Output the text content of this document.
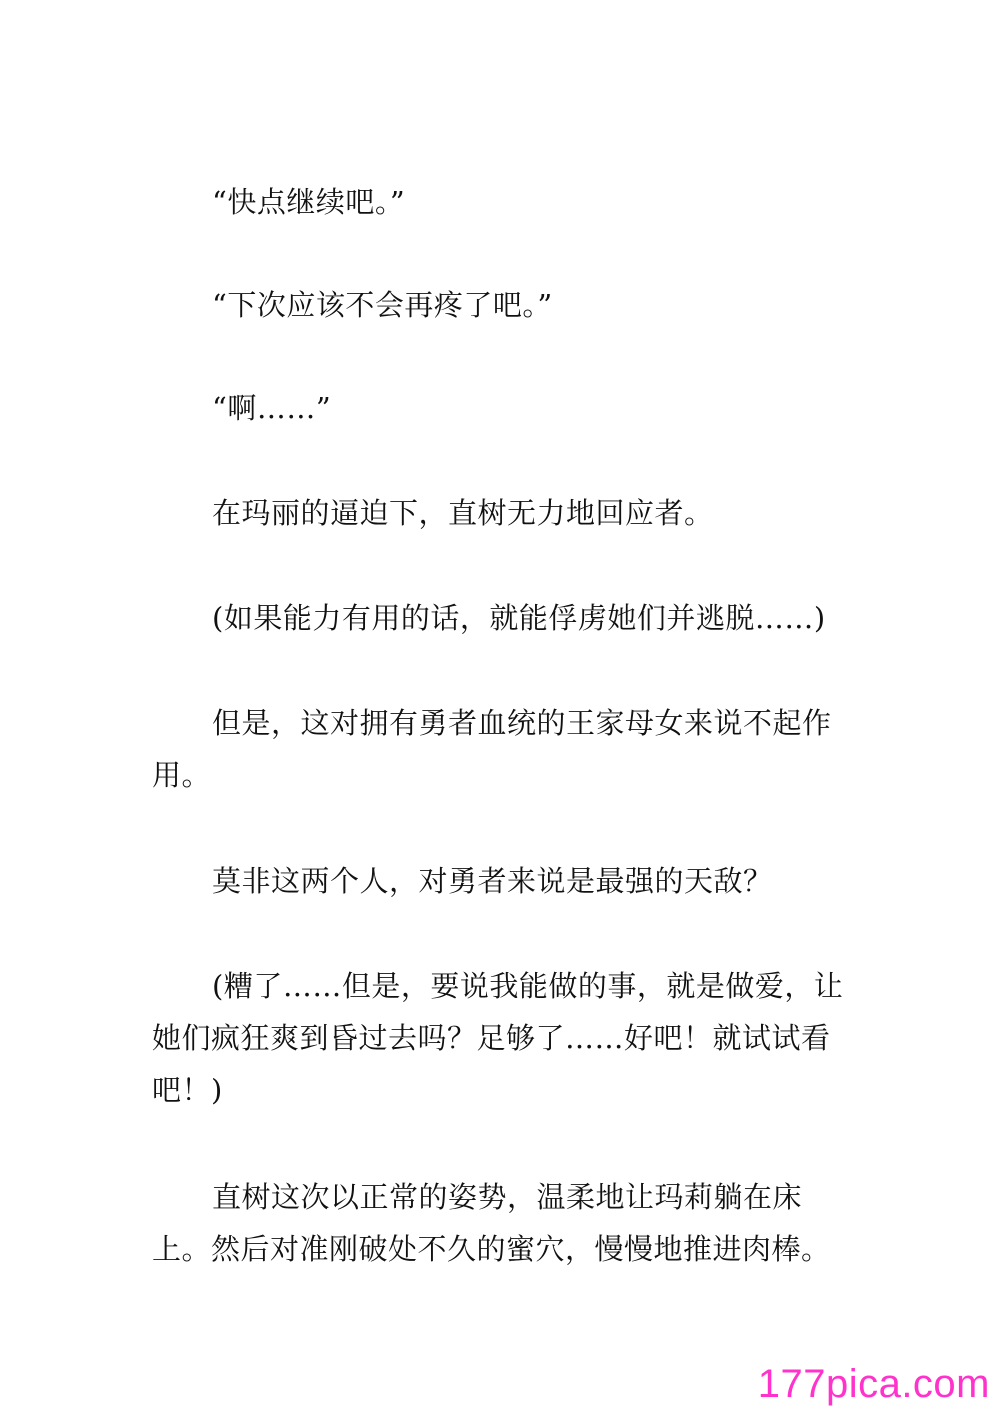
“快点继续吧。”

“下次应该不会再疼了吧。”

“啊……”

在玛丽的逼迫下，直树无力地回应者。

(如果能力有用的话，就能俘虏她们并逃脱……)

但是，这对拥有勇者血统的王家母女来说不起作用。

莫非这两个人，对勇者来说是最强的天敌？

(糟了……但是，要说我能做的事，就是做爱，让她们疯狂爽到昏过去吗？足够了……好吧！就试试看吧！)

直树这次以正常的姿势，温柔地让玛莉躺在床上。然后对准刚破处不久的蜜穴，慢慢地推进肉棒。

177pica.com
